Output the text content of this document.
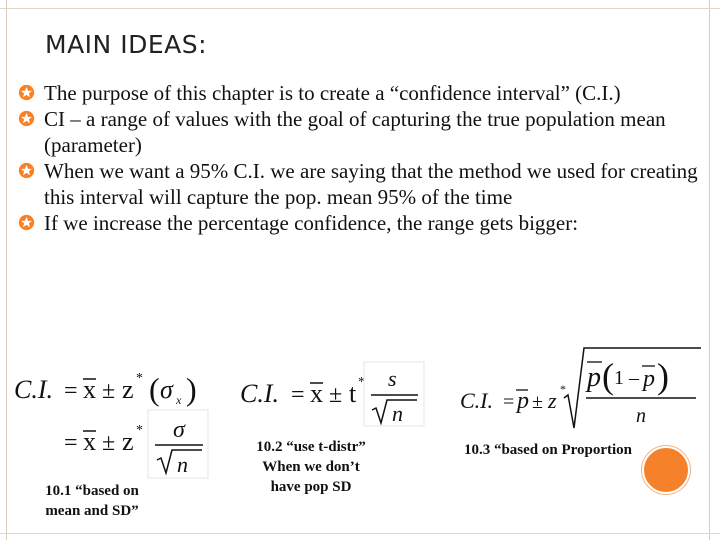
MAIN IDEAS:
The purpose of this chapter is to create a “confidence interval” (C.I.)
CI – a range of values with the goal of capturing the true population mean (parameter)
When we want a 95% C.I. we are saying that the method we used for creating this interval will capture the pop. mean 95% of the time
If we increase the percentage confidence, the range gets bigger:
C.I. = x ± z * ( σ x )
= x ± z * σ
n
C.I. = x ± t * s
n
C.I. = p ± z * p ( 1 – p )
n
10.1 “based on
mean and SD”
10.2 “use t-distr”
When we don’t
have pop SD
10.3 “based on Proportion
